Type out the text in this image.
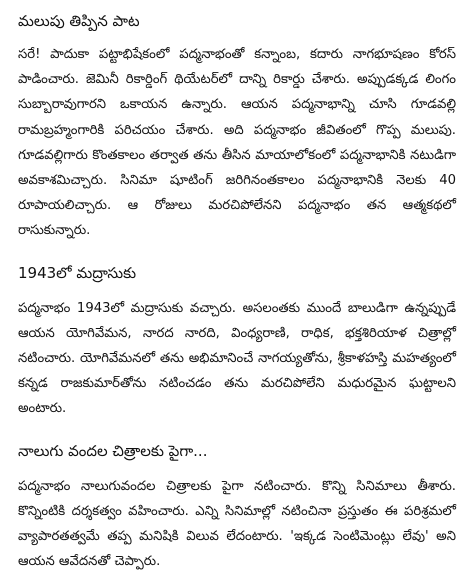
మలుపు తిప్పిన పాట

సరే! పాదుకా పట్టాభిషేకంలో పద్మనాభంతో కన్నాంబ, కదారు నాగభూషణం కోరస్ పాడించారు. జెమినీ రికార్డింగ్ థియేటర్‌లో దాన్ని రికార్డు చేశారు. అప్పుడక్కడ లింగం సుబ్బారావుగారని ఒకాయన ఉన్నారు. ఆయన పద్మనాభాన్ని చూసి గూడవల్లి రామబ్రహ్మంగారికి పరిచయం చేశారు. అది పద్మనాభం జీవితంలో గొప్ప మలుపు. గూడవల్లిగారు కొంతకాలం తర్వాత తను తీసిన మాయాలోకంలో పద్మనాభానికి నటుడిగా అవకాశమిచ్చారు. సినిమా షూటింగ్ జరిగినంతకాలం పద్మనాభానికి నెలకు 40 రూపాయలిచ్చారు. ఆ రోజులు మరచిపోలేనని పద్మనాభం తన ఆత్మకథలో రాసుకున్నారు.

1943లో మద్రాసుకు

పద్మనాభం 1943లో మద్రాసుకు వచ్చారు. అసలంతకు ముందే బాలుడిగా ఉన్నప్పుడే ఆయన యోగివేమన, నారద నారది, వింధ్యరాణి, రాధిక, భక్తశిరియాళ చిత్రాల్లో నటించారు. యోగివేమనలో తను అభిమానించే నాగయ్యతోను, శ్రీకాళహస్తి మహత్యంలో కన్నడ రాజకుమార్‌తోను నటించడం తను మరచిపోలేని మధురమైన ఘట్టాలని అంటారు.

నాలుగు వందల చిత్రాలకు పైగా...

పద్మనాభం నాలుగువందల చిత్రాలకు పైగా నటించారు. కొన్ని సినిమాలు తీశారు. కొన్నింటికి దర్శకత్వం వహించారు. ఎన్ని సినిమాల్లో నటించినా ప్రస్తుతం ఈ పరిశ్రమలో వ్యాపారతత్వమే తప్ప మనిషికి విలువ లేదంటారు. 'ఇక్కడ సెంటిమెంట్లు లేవు' అని ఆయన ఆవేదనతో చెప్పారు.
